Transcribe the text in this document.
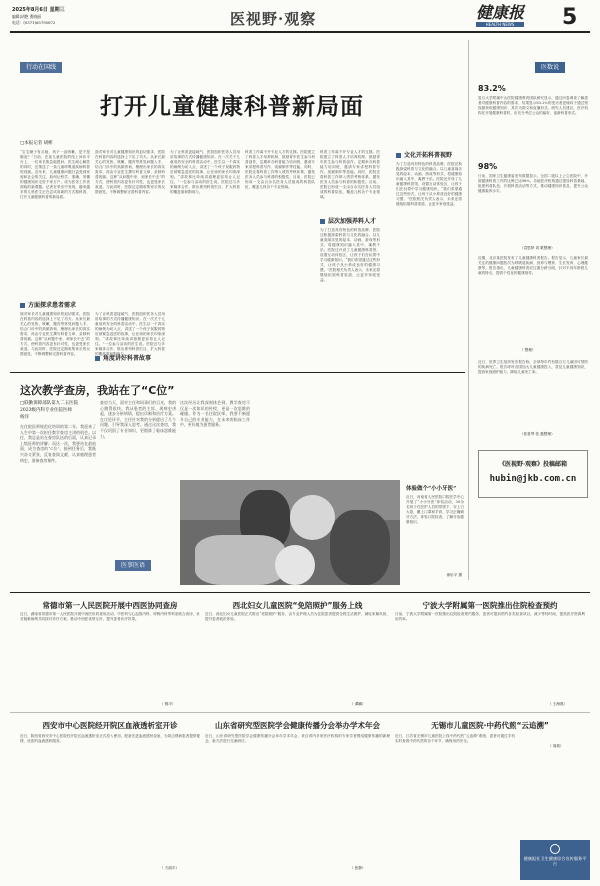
2025年8月6日 星期三
编辑|胡艳 曹晓丽
电话：(0371)65795872	医视野·观察	健康报
HEALTH NEWS	5
行动在国线
打开儿童健康科普新局面
□本报记者 胡彬
“宝宝嗓子有点哑，孩子一直咳嗽，是不是肺炎？”日前，在某儿童医院的线上问诊平台上，一位家长焦急地提问。医生耐心解答的同时，还推送了一条儿童呼吸道疾病科普短视频。近年来，儿童健康问题日益受到家庭和社会的关注，如何让科学、准确、易懂的健康知识走进千家万户，成为医务工作者面临的新课题。记者在采访中发现，越来越多的儿科医生正在尝试用新的方式做科普，打开儿童健康科普的新局面。
方面探求患者需求
面对家长对儿童健康知识的迫切需求，医院在科普内容的选择上下足了功夫。从家长最关心的发热、咳嗽、腹泻等常见问题入手，结合门诊中的高频咨询，梳理出家长的真实需求，再由专业医生撰写科普文章、录制科普视频。这种“从问题中来、到家长中去”的方式，使科普内容更有针对性，也更受家长欢迎。与此同时，医院还定期收集家长的反馈意见，不断调整和完善科普内容。
面对家长对儿童健康知识的迫切需求，医院在科普内容的选择上下足了功夫。从家长最关心的发热、咳嗽、腹泻等常见问题入手，结合门诊中的高频咨询，梳理出家长的真实需求，再由专业医生撰写科普文章、录制科普视频。这种“从问题中来、到家长中去”的方式，使科普内容更有针对性，也更受家长欢迎。与此同时，医院还定期收集家长的反馈意见，不断调整和完善科普内容。
角度讲好科普故事
为了让科普更接地气，医院组织医务人员用讲故事的方式传播健康知识。在一次关于儿童用药安全的科普活动中，医生以一个真实的病例为切入点，讲述了一个孩子误服药物后被紧急送医的故事，让在场的家长印象深刻。“讲故事比单纯讲道理更容易让人记住。”一位参与活动的医生说。医院还与多家媒体合作，推出系列科普栏目，扩大科普的覆盖面和影响力。
为了让科普更接地气，医院组织医务人员用讲故事的方式传播健康知识。在一次关于儿童用药安全的科普活动中，医生以一个真实的病例为切入点，讲述了一个孩子误服药物后被紧急送医的故事，让在场的家长印象深刻。“讲故事比单纯讲道理更容易让人记住。”一位参与活动的医生说。医院还与多家媒体合作，推出系列科普栏目，扩大科普的覆盖面和影响力。
科普工作离不开专业人才的支撑。医院建立了科普人才培养机制，鼓励青年医生参与科普创作，定期举办科普能力培训班，邀请专家讲授科普写作、视频制作等技能。同时，医院还将科普工作纳入绩效考核体系，激发医务人员参与科普的积极性。目前，医院已形成一支由百余名医务人员组成的科普队伍，覆盖儿科各个专业领域。
层次加强养料人才
科普工作离不开专业人才的支撑。医院建立了科普人才培养机制，鼓励青年医生参与科普创作，定期举办科普能力培训班，邀请专家讲授科普写作、视频制作等技能。同时，医院还将科普工作纳入绩效考核体系，激发医务人员参与科普的积极性。目前，医院已形成一支由百余名医务人员组成的科普队伍，覆盖儿科各个专业领域。
为了打造具有特色的科普品牌，医院还积极探索科普与文化的融合。以儿童喜闻乐见的绘本、动画、游戏等形式，将健康知识融入其中，寓教于乐。医院还开设了儿童健康科普馆，设置互动体验区，让孩子们在玩耍中学习健康知识。“我们希望通过这些形式，让孩子从小养成良好的健康习惯。”医院相关负责人表示，未来还将继续拓展科普渠道，让更多家庭受益。
文化开拓科普视野
为了打造具有特色的科普品牌，医院还积极探索科普与文化的融合。以儿童喜闻乐见的绘本、动画、游戏等形式，将健康知识融入其中，寓教于乐。医院还开设了儿童健康科普馆，设置互动体验区，让孩子们在玩耍中学习健康知识。“我们希望通过这些形式，让孩子从小养成良好的健康习惯。”医院相关负责人表示，未来还将继续拓展科普渠道，让更多家庭受益。
医数说
83.2%
复旦大学附属中山医院健康教育团队研究显示，通过问卷调查了解患者对健康科普内容的需求，结果显示83.2%的受访者更倾向于通过短视频获取健康知识，其次为图文和直播形式。研究人员建议，医疗机构在开展健康科普时，应充分考虑公众的偏好，创新科普形式。
98%
日前，国家卫生健康委发布数据显示，全国二级以上公立医院中，开展健康科普工作的比例已达98%。各地医疗机构通过建设科普基地、组建科普队伍、开展科普活动等方式，推动健康知识普及，提升公众健康素养水平。
（袁思梦 刘 歌整理）
近期，北京某医院发布了儿童健康科普报告。报告显示，儿童家长最关注的健康问题依次为呼吸道疾病、营养与喂养、生长发育、心理健康等。报告指出，儿童健康科普应注重分龄分段，针对不同年龄段儿童的特点，提供个性化的健康指导。
（ 整理）
近日，世界卫生组织发布报告称，全球每年约有数百万儿童因可预防的疾病死亡。报告呼吁各国加大儿童健康投入，普及儿童健康知识，提高家庭照护能力，降低儿童死亡率。
（张喜琴 张 磊整理）
《医视野·观察》投稿邮箱
hubin@jkb.com.cn
这次教学查房，我站在了“C位”
□联勤保障部队第九二五医院
2023级内科专业住院医师
杨洋
在住院医师规范化培训的第二年，我迎来了人生中第一次担任教学查房主讲的机会。以往，我总是站在查房队伍的后面，认真记录上级医师的讲解；而这一次，我要站在最前面，成为查房的“C位”。接到任务后，我既兴奋又紧张，反复查阅文献，认真梳理患者病史，准备查房课件。
查房当天，面对主任和同事们的目光，我的心跳得很快。我从患者的主诉、现病史讲起，逐步分析病情，提出诊断和治疗方案。在讨论环节，主任针对我的分析提出了几个问题，引导我深入思考。通过这次查房，我不仅巩固了专业知识，更锻炼了临床思维能力。
医事医语
这次经历让我深刻体会到，教学查房不仅是一次知识的传授，更是一次思维的碰撞。作为一名住院医师，我要不断提升自己的专业能力，在未来的临床工作中，更好地为患者服务。
体验做个“小小牙医”
近日，河南省人民医院口腔医学中心开展了“小小牙医”体验活动，30余名孩子在医护人员的带领下，穿上白大褂，戴上口罩和手套，学习正确刷牙方法，体验口腔检查，了解牙齿健康知识。
徐乐平 摄
常德市第一人民医院开展中西医协同查房
近日，湖南省常德市第一人民医院开展中西医协同查房活动，中医科与心血管内科、呼吸内科等科室联合查房，针对疑难病例共同探讨诊疗方案，推动中西医优势互补，提升患者诊疗效果。
（ 鄢平）
西北妇女儿童医院“免陪照护”服务上线
近日，西北妇女儿童医院正式推出“免陪照护”服务，由专业护理人员为住院患者提供全程生活照护，减轻家属负担，提升患者就医体验。
（ 谭鹏）
宁波大学附属第一医院推出住院检查预约
日前，宁波大学附属第一医院推出住院检查预约服务，患者可提前预约各类检查项目，减少等待时间，提高医疗资源利用效率。
（ 王海燕）
西安市中心医院经开院区血液透析室开诊
近日，陕西省西安市中心医院经开院区血液透析室正式投入使用，配备先进血液透析设备，为周边肾病患者提供便捷、优质的血液透析服务。
（ 方丽平）
山东省研究型医院学会健康传播分会举办学术年会
近日，山东省研究型医院学会健康传播分会举办学术年会，来自省内多家医疗机构的专家学者围绕健康传播的新理念、新方法进行交流研讨。
（ 张静）
无锡市儿童医院·中药代煎“云追溯”
近日，江苏省无锡市儿童医院上线中药代煎“云追溯”系统，患者可通过手机实时查看中药代煎的各个环节，确保用药安全。
（ 周莉）
健康报社卫生健康综合宣传服务平台
